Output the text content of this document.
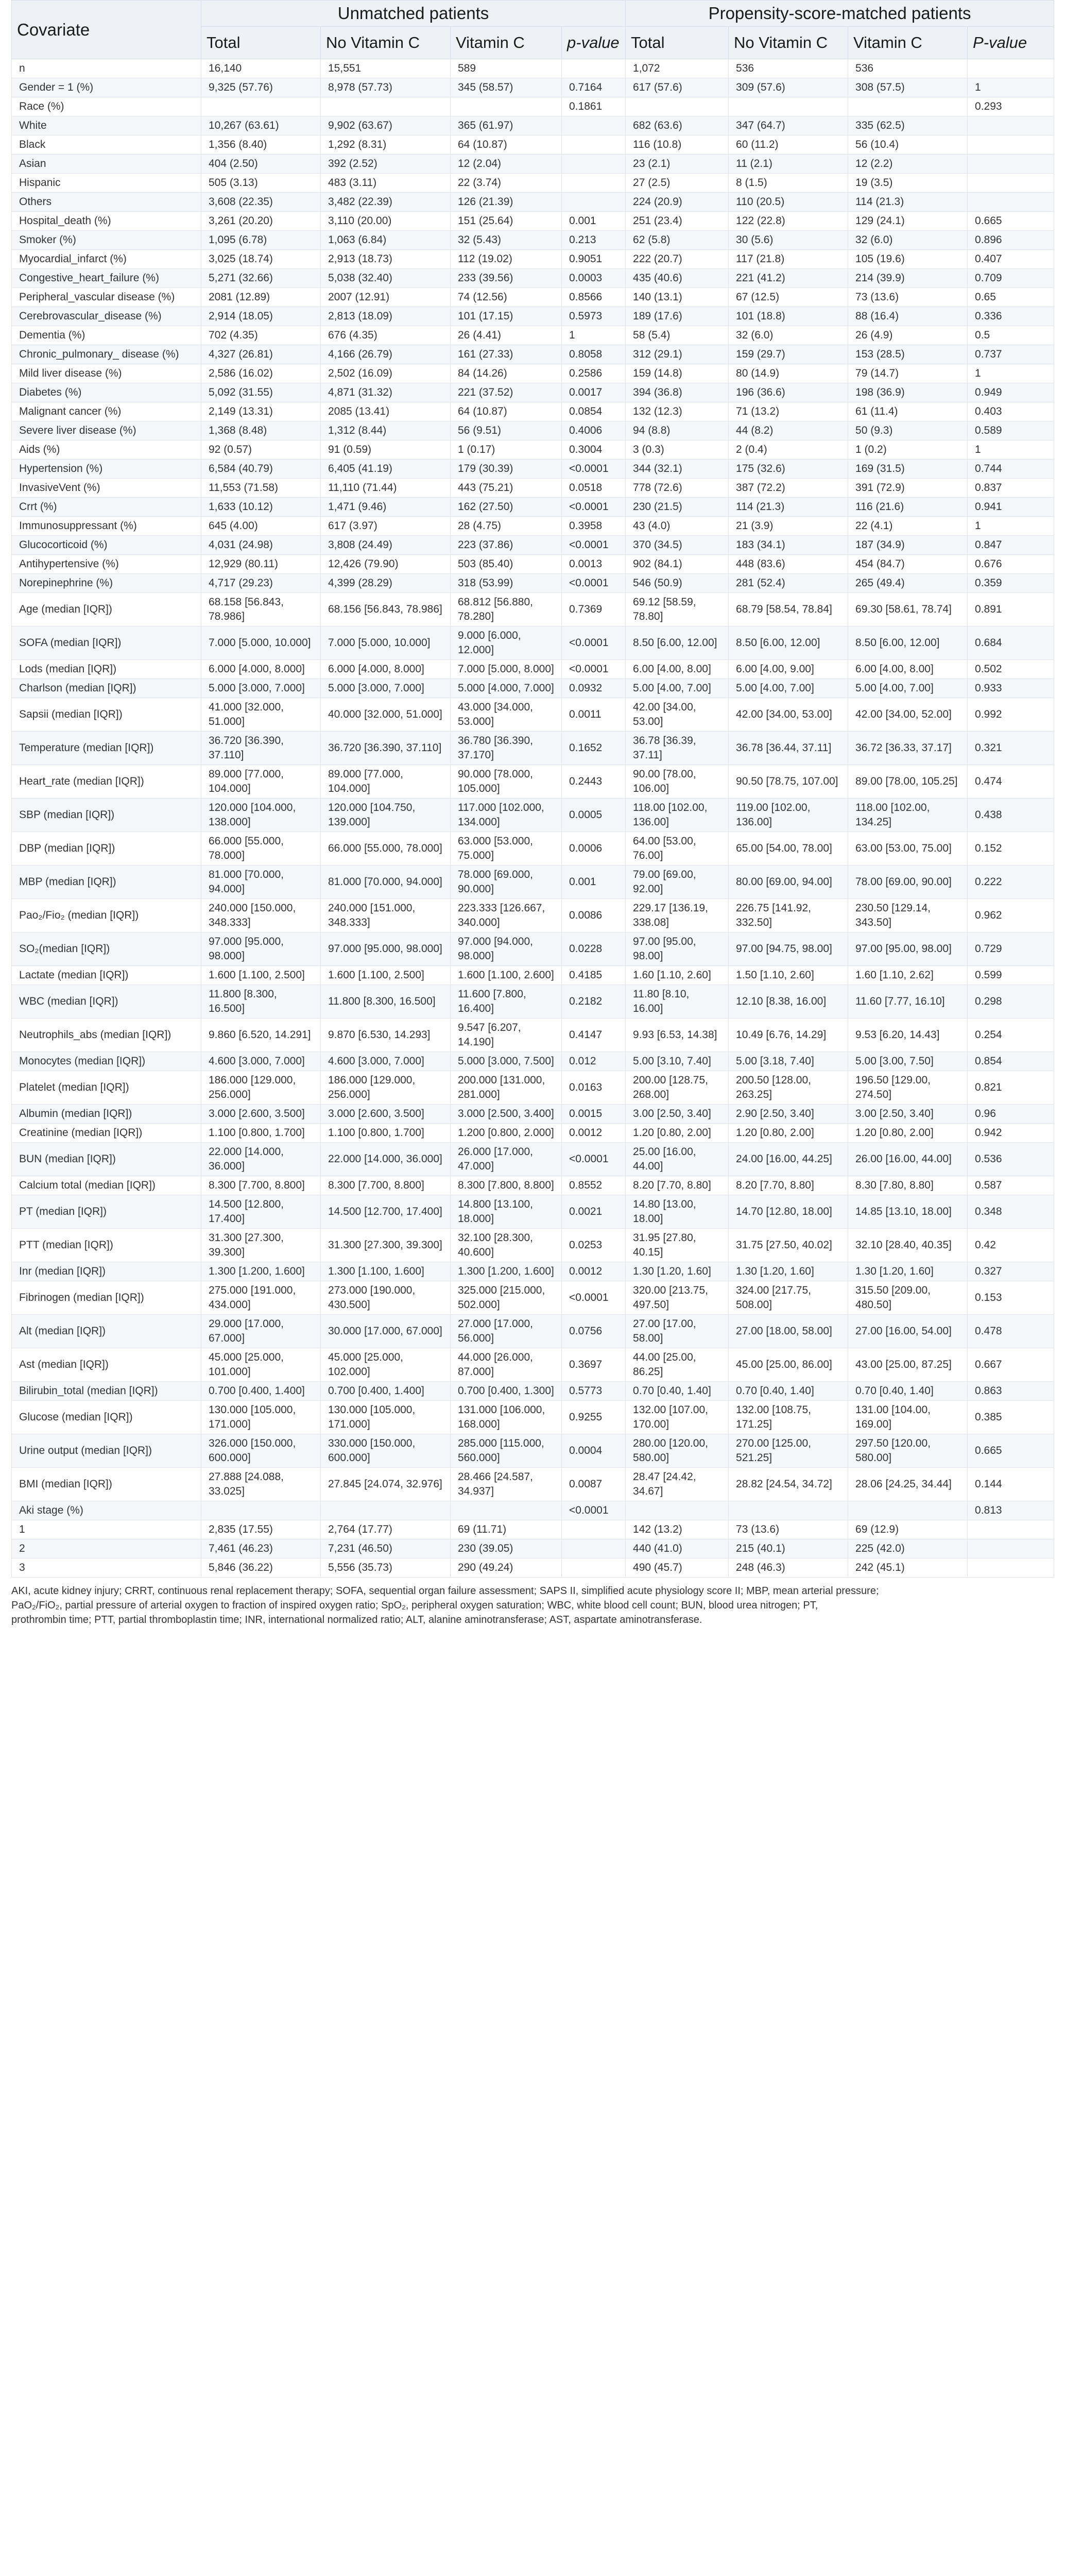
Covariate	Unmatched patients				Propensity-score-matched patients			
	Total	No Vitamin C	Vitamin C	p-value	Total	No Vitamin C	Vitamin C	P-value
n	16,140	15,551	589		1,072	536	536	
Gender = 1 (%)	9,325 (57.76)	8,978 (57.73)	345 (58.57)	0.7164	617 (57.6)	309 (57.6)	308 (57.5)	1
Race (%)				0.1861				0.293
White	10,267 (63.61)	9,902 (63.67)	365 (61.97)		682 (63.6)	347 (64.7)	335 (62.5)	
Black	1,356 (8.40)	1,292 (8.31)	64 (10.87)		116 (10.8)	60 (11.2)	56 (10.4)	
Asian	404 (2.50)	392 (2.52)	12 (2.04)		23 (2.1)	11 (2.1)	12 (2.2)	
Hispanic	505 (3.13)	483 (3.11)	22 (3.74)		27 (2.5)	8 (1.5)	19 (3.5)	
Others	3,608 (22.35)	3,482 (22.39)	126 (21.39)		224 (20.9)	110 (20.5)	114 (21.3)	
Hospital_death (%)	3,261 (20.20)	3,110 (20.00)	151 (25.64)	0.001	251 (23.4)	122 (22.8)	129 (24.1)	0.665
Smoker (%)	1,095 (6.78)	1,063 (6.84)	32 (5.43)	0.213	62 (5.8)	30 (5.6)	32 (6.0)	0.896
Myocardial_infarct (%)	3,025 (18.74)	2,913 (18.73)	112 (19.02)	0.9051	222 (20.7)	117 (21.8)	105 (19.6)	0.407
Congestive_heart_failure (%)	5,271 (32.66)	5,038 (32.40)	233 (39.56)	0.0003	435 (40.6)	221 (41.2)	214 (39.9)	0.709
Peripheral_vascular disease (%)	2081 (12.89)	2007 (12.91)	74 (12.56)	0.8566	140 (13.1)	67 (12.5)	73 (13.6)	0.65
Cerebrovascular_disease (%)	2,914 (18.05)	2,813 (18.09)	101 (17.15)	0.5973	189 (17.6)	101 (18.8)	88 (16.4)	0.336
Dementia (%)	702 (4.35)	676 (4.35)	26 (4.41)	1	58 (5.4)	32 (6.0)	26 (4.9)	0.5
Chronic_pulmonary_ disease (%)	4,327 (26.81)	4,166 (26.79)	161 (27.33)	0.8058	312 (29.1)	159 (29.7)	153 (28.5)	0.737
Mild liver disease (%)	2,586 (16.02)	2,502 (16.09)	84 (14.26)	0.2586	159 (14.8)	80 (14.9)	79 (14.7)	1
Diabetes (%)	5,092 (31.55)	4,871 (31.32)	221 (37.52)	0.0017	394 (36.8)	196 (36.6)	198 (36.9)	0.949
Malignant cancer (%)	2,149 (13.31)	2085 (13.41)	64 (10.87)	0.0854	132 (12.3)	71 (13.2)	61 (11.4)	0.403
Severe liver disease (%)	1,368 (8.48)	1,312 (8.44)	56 (9.51)	0.4006	94 (8.8)	44 (8.2)	50 (9.3)	0.589
Aids (%)	92 (0.57)	91 (0.59)	1 (0.17)	0.3004	3 (0.3)	2 (0.4)	1 (0.2)	1
Hypertension (%)	6,584 (40.79)	6,405 (41.19)	179 (30.39)	<0.0001	344 (32.1)	175 (32.6)	169 (31.5)	0.744
InvasiveVent (%)	11,553 (71.58)	11,110 (71.44)	443 (75.21)	0.0518	778 (72.6)	387 (72.2)	391 (72.9)	0.837
Crrt (%)	1,633 (10.12)	1,471 (9.46)	162 (27.50)	<0.0001	230 (21.5)	114 (21.3)	116 (21.6)	0.941
Immunosuppressant (%)	645 (4.00)	617 (3.97)	28 (4.75)	0.3958	43 (4.0)	21 (3.9)	22 (4.1)	1
Glucocorticoid (%)	4,031 (24.98)	3,808 (24.49)	223 (37.86)	<0.0001	370 (34.5)	183 (34.1)	187 (34.9)	0.847
Antihypertensive (%)	12,929 (80.11)	12,426 (79.90)	503 (85.40)	0.0013	902 (84.1)	448 (83.6)	454 (84.7)	0.676
Norepinephrine (%)	4,717 (29.23)	4,399 (28.29)	318 (53.99)	<0.0001	546 (50.9)	281 (52.4)	265 (49.4)	0.359
Age (median [IQR])	68.158 [56.843, 78.986]	68.156 [56.843, 78.986]	68.812 [56.880, 78.280]	0.7369	69.12 [58.59, 78.80]	68.79 [58.54, 78.84]	69.30 [58.61, 78.74]	0.891
SOFA (median [IQR])	7.000 [5.000, 10.000]	7.000 [5.000, 10.000]	9.000 [6.000, 12.000]	<0.0001	8.50 [6.00, 12.00]	8.50 [6.00, 12.00]	8.50 [6.00, 12.00]	0.684
Lods (median [IQR])	6.000 [4.000, 8.000]	6.000 [4.000, 8.000]	7.000 [5.000, 8.000]	<0.0001	6.00 [4.00, 8.00]	6.00 [4.00, 9.00]	6.00 [4.00, 8.00]	0.502
Charlson (median [IQR])	5.000 [3.000, 7.000]	5.000 [3.000, 7.000]	5.000 [4.000, 7.000]	0.0932	5.00 [4.00, 7.00]	5.00 [4.00, 7.00]	5.00 [4.00, 7.00]	0.933
Sapsii (median [IQR])	41.000 [32.000, 51.000]	40.000 [32.000, 51.000]	43.000 [34.000, 53.000]	0.0011	42.00 [34.00, 53.00]	42.00 [34.00, 53.00]	42.00 [34.00, 52.00]	0.992
Temperature (median [IQR])	36.720 [36.390, 37.110]	36.720 [36.390, 37.110]	36.780 [36.390, 37.170]	0.1652	36.78 [36.39, 37.11]	36.78 [36.44, 37.11]	36.72 [36.33, 37.17]	0.321
Heart_rate (median [IQR])	89.000 [77.000, 104.000]	89.000 [77.000, 104.000]	90.000 [78.000, 105.000]	0.2443	90.00 [78.00, 106.00]	90.50 [78.75, 107.00]	89.00 [78.00, 105.25]	0.474
SBP (median [IQR])	120.000 [104.000, 138.000]	120.000 [104.750, 139.000]	117.000 [102.000, 134.000]	0.0005	118.00 [102.00, 136.00]	119.00 [102.00, 136.00]	118.00 [102.00, 134.25]	0.438
DBP (median [IQR])	66.000 [55.000, 78.000]	66.000 [55.000, 78.000]	63.000 [53.000, 75.000]	0.0006	64.00 [53.00, 76.00]	65.00 [54.00, 78.00]	63.00 [53.00, 75.00]	0.152
MBP (median [IQR])	81.000 [70.000, 94.000]	81.000 [70.000, 94.000]	78.000 [69.000, 90.000]	0.001	79.00 [69.00, 92.00]	80.00 [69.00, 94.00]	78.00 [69.00, 90.00]	0.222
Pao₂/Fio₂ (median [IQR])	240.000 [150.000, 348.333]	240.000 [151.000, 348.333]	223.333 [126.667, 340.000]	0.0086	229.17 [136.19, 338.08]	226.75 [141.92, 332.50]	230.50 [129.14, 343.50]	0.962
SO₂(median [IQR])	97.000 [95.000, 98.000]	97.000 [95.000, 98.000]	97.000 [94.000, 98.000]	0.0228	97.00 [95.00, 98.00]	97.00 [94.75, 98.00]	97.00 [95.00, 98.00]	0.729
Lactate (median [IQR])	1.600 [1.100, 2.500]	1.600 [1.100, 2.500]	1.600 [1.100, 2.600]	0.4185	1.60 [1.10, 2.60]	1.50 [1.10, 2.60]	1.60 [1.10, 2.62]	0.599
WBC (median [IQR])	11.800 [8.300, 16.500]	11.800 [8.300, 16.500]	11.600 [7.800, 16.400]	0.2182	11.80 [8.10, 16.00]	12.10 [8.38, 16.00]	11.60 [7.77, 16.10]	0.298
Neutrophils_abs (median [IQR])	9.860 [6.520, 14.291]	9.870 [6.530, 14.293]	9.547 [6.207, 14.190]	0.4147	9.93 [6.53, 14.38]	10.49 [6.76, 14.29]	9.53 [6.20, 14.43]	0.254
Monocytes (median [IQR])	4.600 [3.000, 7.000]	4.600 [3.000, 7.000]	5.000 [3.000, 7.500]	0.012	5.00 [3.10, 7.40]	5.00 [3.18, 7.40]	5.00 [3.00, 7.50]	0.854
Platelet (median [IQR])	186.000 [129.000, 256.000]	186.000 [129.000, 256.000]	200.000 [131.000, 281.000]	0.0163	200.00 [128.75, 268.00]	200.50 [128.00, 263.25]	196.50 [129.00, 274.50]	0.821
Albumin (median [IQR])	3.000 [2.600, 3.500]	3.000 [2.600, 3.500]	3.000 [2.500, 3.400]	0.0015	3.00 [2.50, 3.40]	2.90 [2.50, 3.40]	3.00 [2.50, 3.40]	0.96
Creatinine (median [IQR])	1.100 [0.800, 1.700]	1.100 [0.800, 1.700]	1.200 [0.800, 2.000]	0.0012	1.20 [0.80, 2.00]	1.20 [0.80, 2.00]	1.20 [0.80, 2.00]	0.942
BUN (median [IQR])	22.000 [14.000, 36.000]	22.000 [14.000, 36.000]	26.000 [17.000, 47.000]	<0.0001	25.00 [16.00, 44.00]	24.00 [16.00, 44.25]	26.00 [16.00, 44.00]	0.536
Calcium total (median [IQR])	8.300 [7.700, 8.800]	8.300 [7.700, 8.800]	8.300 [7.800, 8.800]	0.8552	8.20 [7.70, 8.80]	8.20 [7.70, 8.80]	8.30 [7.80, 8.80]	0.587
PT (median [IQR])	14.500 [12.800, 17.400]	14.500 [12.700, 17.400]	14.800 [13.100, 18.000]	0.0021	14.80 [13.00, 18.00]	14.70 [12.80, 18.00]	14.85 [13.10, 18.00]	0.348
PTT (median [IQR])	31.300 [27.300, 39.300]	31.300 [27.300, 39.300]	32.100 [28.300, 40.600]	0.0253	31.95 [27.80, 40.15]	31.75 [27.50, 40.02]	32.10 [28.40, 40.35]	0.42
Inr (median [IQR])	1.300 [1.200, 1.600]	1.300 [1.100, 1.600]	1.300 [1.200, 1.600]	0.0012	1.30 [1.20, 1.60]	1.30 [1.20, 1.60]	1.30 [1.20, 1.60]	0.327
Fibrinogen (median [IQR])	275.000 [191.000, 434.000]	273.000 [190.000, 430.500]	325.000 [215.000, 502.000]	<0.0001	320.00 [213.75, 497.50]	324.00 [217.75, 508.00]	315.50 [209.00, 480.50]	0.153
Alt (median [IQR])	29.000 [17.000, 67.000]	30.000 [17.000, 67.000]	27.000 [17.000, 56.000]	0.0756	27.00 [17.00, 58.00]	27.00 [18.00, 58.00]	27.00 [16.00, 54.00]	0.478
Ast (median [IQR])	45.000 [25.000, 101.000]	45.000 [25.000, 102.000]	44.000 [26.000, 87.000]	0.3697	44.00 [25.00, 86.25]	45.00 [25.00, 86.00]	43.00 [25.00, 87.25]	0.667
Bilirubin_total (median [IQR])	0.700 [0.400, 1.400]	0.700 [0.400, 1.400]	0.700 [0.400, 1.300]	0.5773	0.70 [0.40, 1.40]	0.70 [0.40, 1.40]	0.70 [0.40, 1.40]	0.863
Glucose (median [IQR])	130.000 [105.000, 171.000]	130.000 [105.000, 171.000]	131.000 [106.000, 168.000]	0.9255	132.00 [107.00, 170.00]	132.00 [108.75, 171.25]	131.00 [104.00, 169.00]	0.385
Urine output (median [IQR])	326.000 [150.000, 600.000]	330.000 [150.000, 600.000]	285.000 [115.000, 560.000]	0.0004	280.00 [120.00, 580.00]	270.00 [125.00, 521.25]	297.50 [120.00, 580.00]	0.665
BMI (median [IQR])	27.888 [24.088, 33.025]	27.845 [24.074, 32.976]	28.466 [24.587, 34.937]	0.0087	28.47 [24.42, 34.67]	28.82 [24.54, 34.72]	28.06 [24.25, 34.44]	0.144
Aki stage (%)				<0.0001				0.813
1	2,835 (17.55)	2,764 (17.77)	69 (11.71)		142 (13.2)	73 (13.6)	69 (12.9)	
2	7,461 (46.23)	7,231 (46.50)	230 (39.05)		440 (41.0)	215 (40.1)	225 (42.0)	
3	5,846 (36.22)	5,556 (35.73)	290 (49.24)		490 (45.7)	248 (46.3)	242 (45.1)	

AKI, acute kidney injury; CRRT, continuous renal replacement therapy; SOFA, sequential organ failure assessment; SAPS II, simplified acute physiology score II; MBP, mean arterial pressure;

PaO₂/FiO₂, partial pressure of arterial oxygen to fraction of inspired oxygen ratio; SpO₂, peripheral oxygen saturation; WBC, white blood cell count; BUN, blood urea nitrogen; PT,

prothrombin time; PTT, partial thromboplastin time; INR, international normalized ratio; ALT, alanine aminotransferase; AST, aspartate aminotransferase.
